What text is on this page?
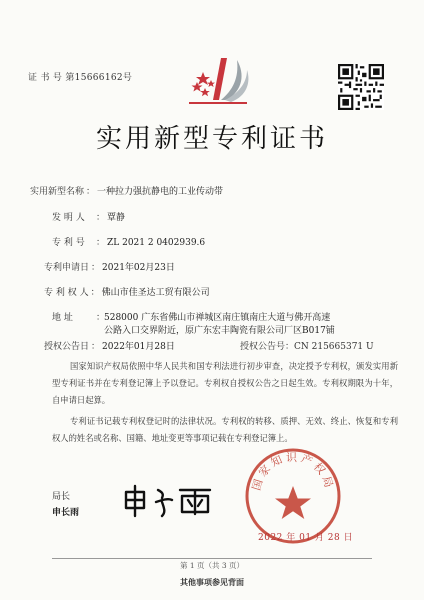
证 书 号 第15666162号
实用新型专利证书
实用新型名称 ： 一种拉力强抗静电的工业传动带
发 明 人 ： 覃静
专 利 号 ： ZL 2021 2 0402939.6
专利申请日 ： 2021年02月23日
专 利 权 人 ： 佛山市佳圣达工贸有限公司
地 址	：
528000 广东省佛山市禅城区南庄镇南庄大道与佛开高速
公路入口交界附近，原广东宏丰陶瓷有限公司厂区B017铺
授权公告日 ： 2022年01月28日	授权公告号：CN 215665371 U

国家知识产权局依照中华人民共和国专利法进行初步审查，决定授予专利权，颁发实用新型专利证书并在专利登记簿上予以登记。专利权自授权公告之日起生效。专利权期限为十年，自申请日起算。

专利证书记载专利权登记时的法律状况。专利权的转移、质押、无效、终止、恢复和专利权人的姓名或名称、国籍、地址变更等事项记载在专利登记簿上。

局长
申长雨
国家知识产权局
2022 年 01 月 28 日
第 1 页（共 3 页）
其他事项参见背面
